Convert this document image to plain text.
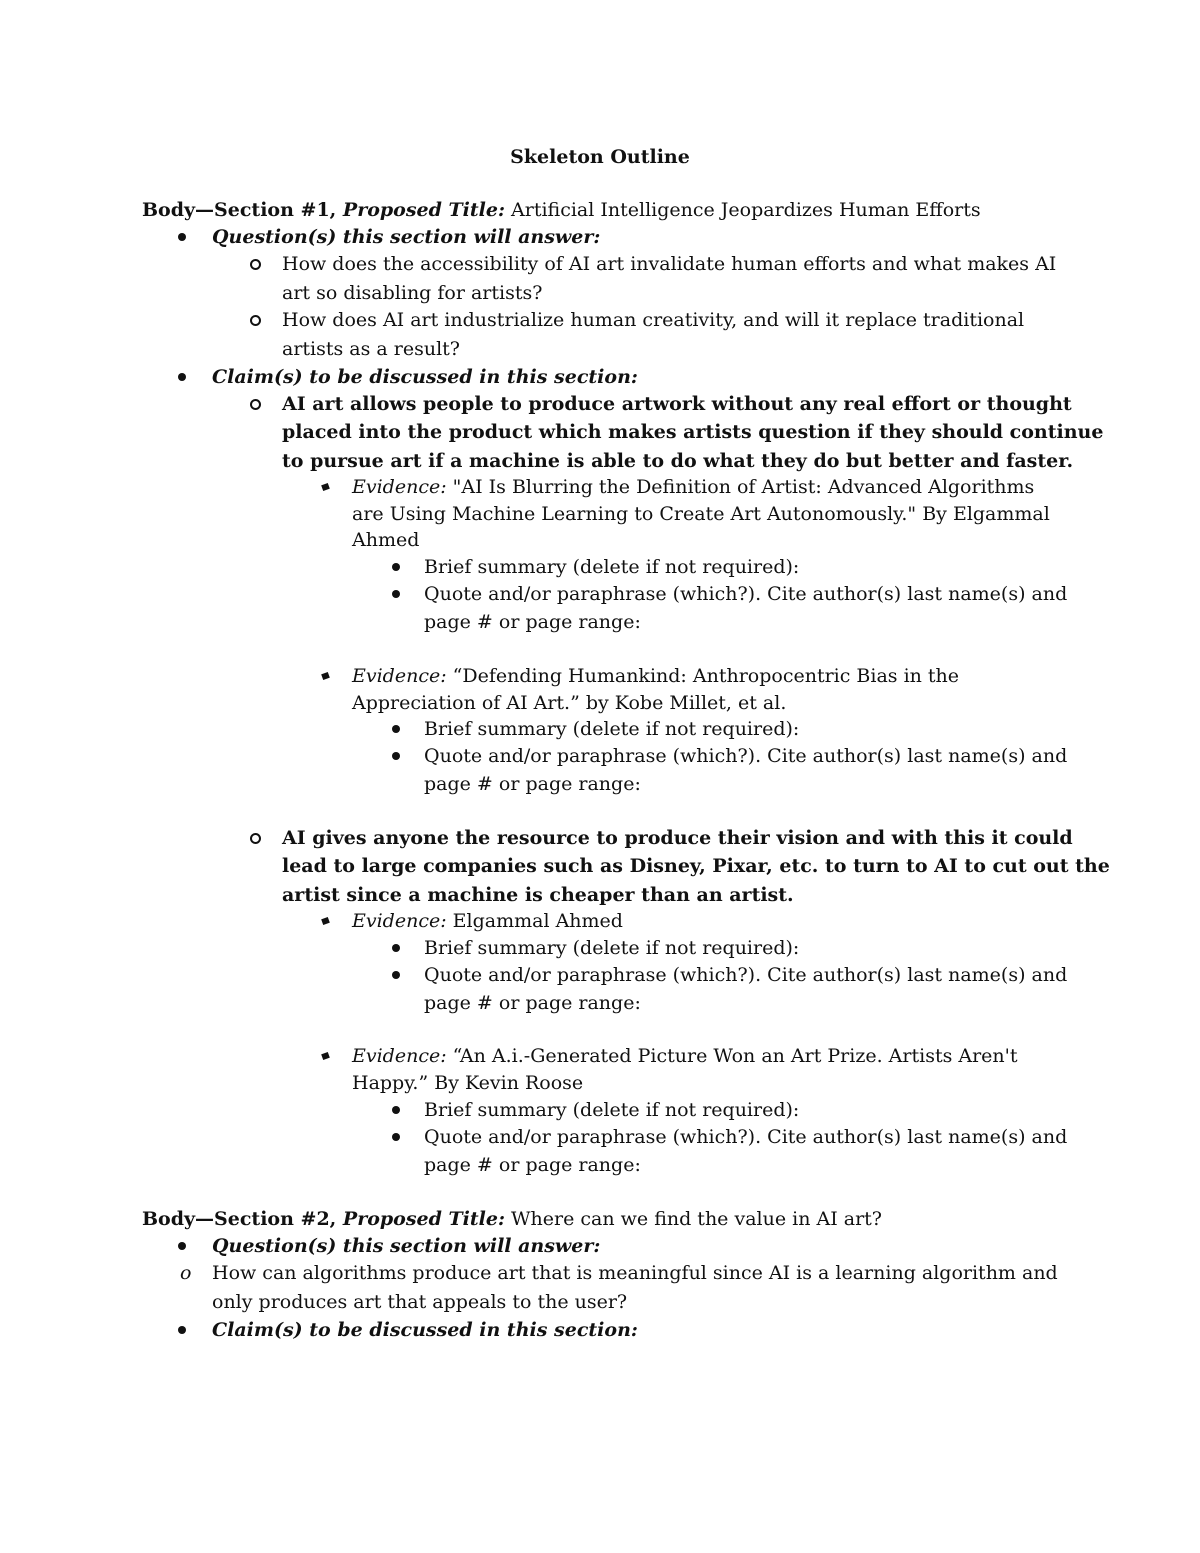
Skeleton Outline
Body—Section #1, Proposed Title: Artificial Intelligence Jeopardizes Human Efforts
Question(s) this section will answer:
How does the accessibility of AI art invalidate human efforts and what makes AI
art so disabling for artists?
How does AI art industrialize human creativity, and will it replace traditional
artists as a result?
Claim(s) to be discussed in this section:
AI art allows people to produce artwork without any real effort or thought
placed into the product which makes artists question if they should continue
to pursue art if a machine is able to do what they do but better and faster.
Evidence: "AI Is Blurring the Definition of Artist: Advanced Algorithms
are Using Machine Learning to Create Art Autonomously." By Elgammal
Ahmed
Brief summary (delete if not required):
Quote and/or paraphrase (which?). Cite author(s) last name(s) and
page # or page range:
Evidence: “Defending Humankind: Anthropocentric Bias in the
Appreciation of AI Art.” by Kobe Millet, et al.
Brief summary (delete if not required):
Quote and/or paraphrase (which?). Cite author(s) last name(s) and
page # or page range:
AI gives anyone the resource to produce their vision and with this it could
lead to large companies such as Disney, Pixar, etc. to turn to AI to cut out the
artist since a machine is cheaper than an artist.
Evidence: Elgammal Ahmed
Brief summary (delete if not required):
Quote and/or paraphrase (which?). Cite author(s) last name(s) and
page # or page range:
Evidence: “An A.i.-Generated Picture Won an Art Prize. Artists Aren't
Happy.” By Kevin Roose
Brief summary (delete if not required):
Quote and/or paraphrase (which?). Cite author(s) last name(s) and
page # or page range:
Body—Section #2, Proposed Title: Where can we find the value in AI art?
Question(s) this section will answer:
o How can algorithms produce art that is meaningful since AI is a learning algorithm and
only produces art that appeals to the user?
Claim(s) to be discussed in this section:
